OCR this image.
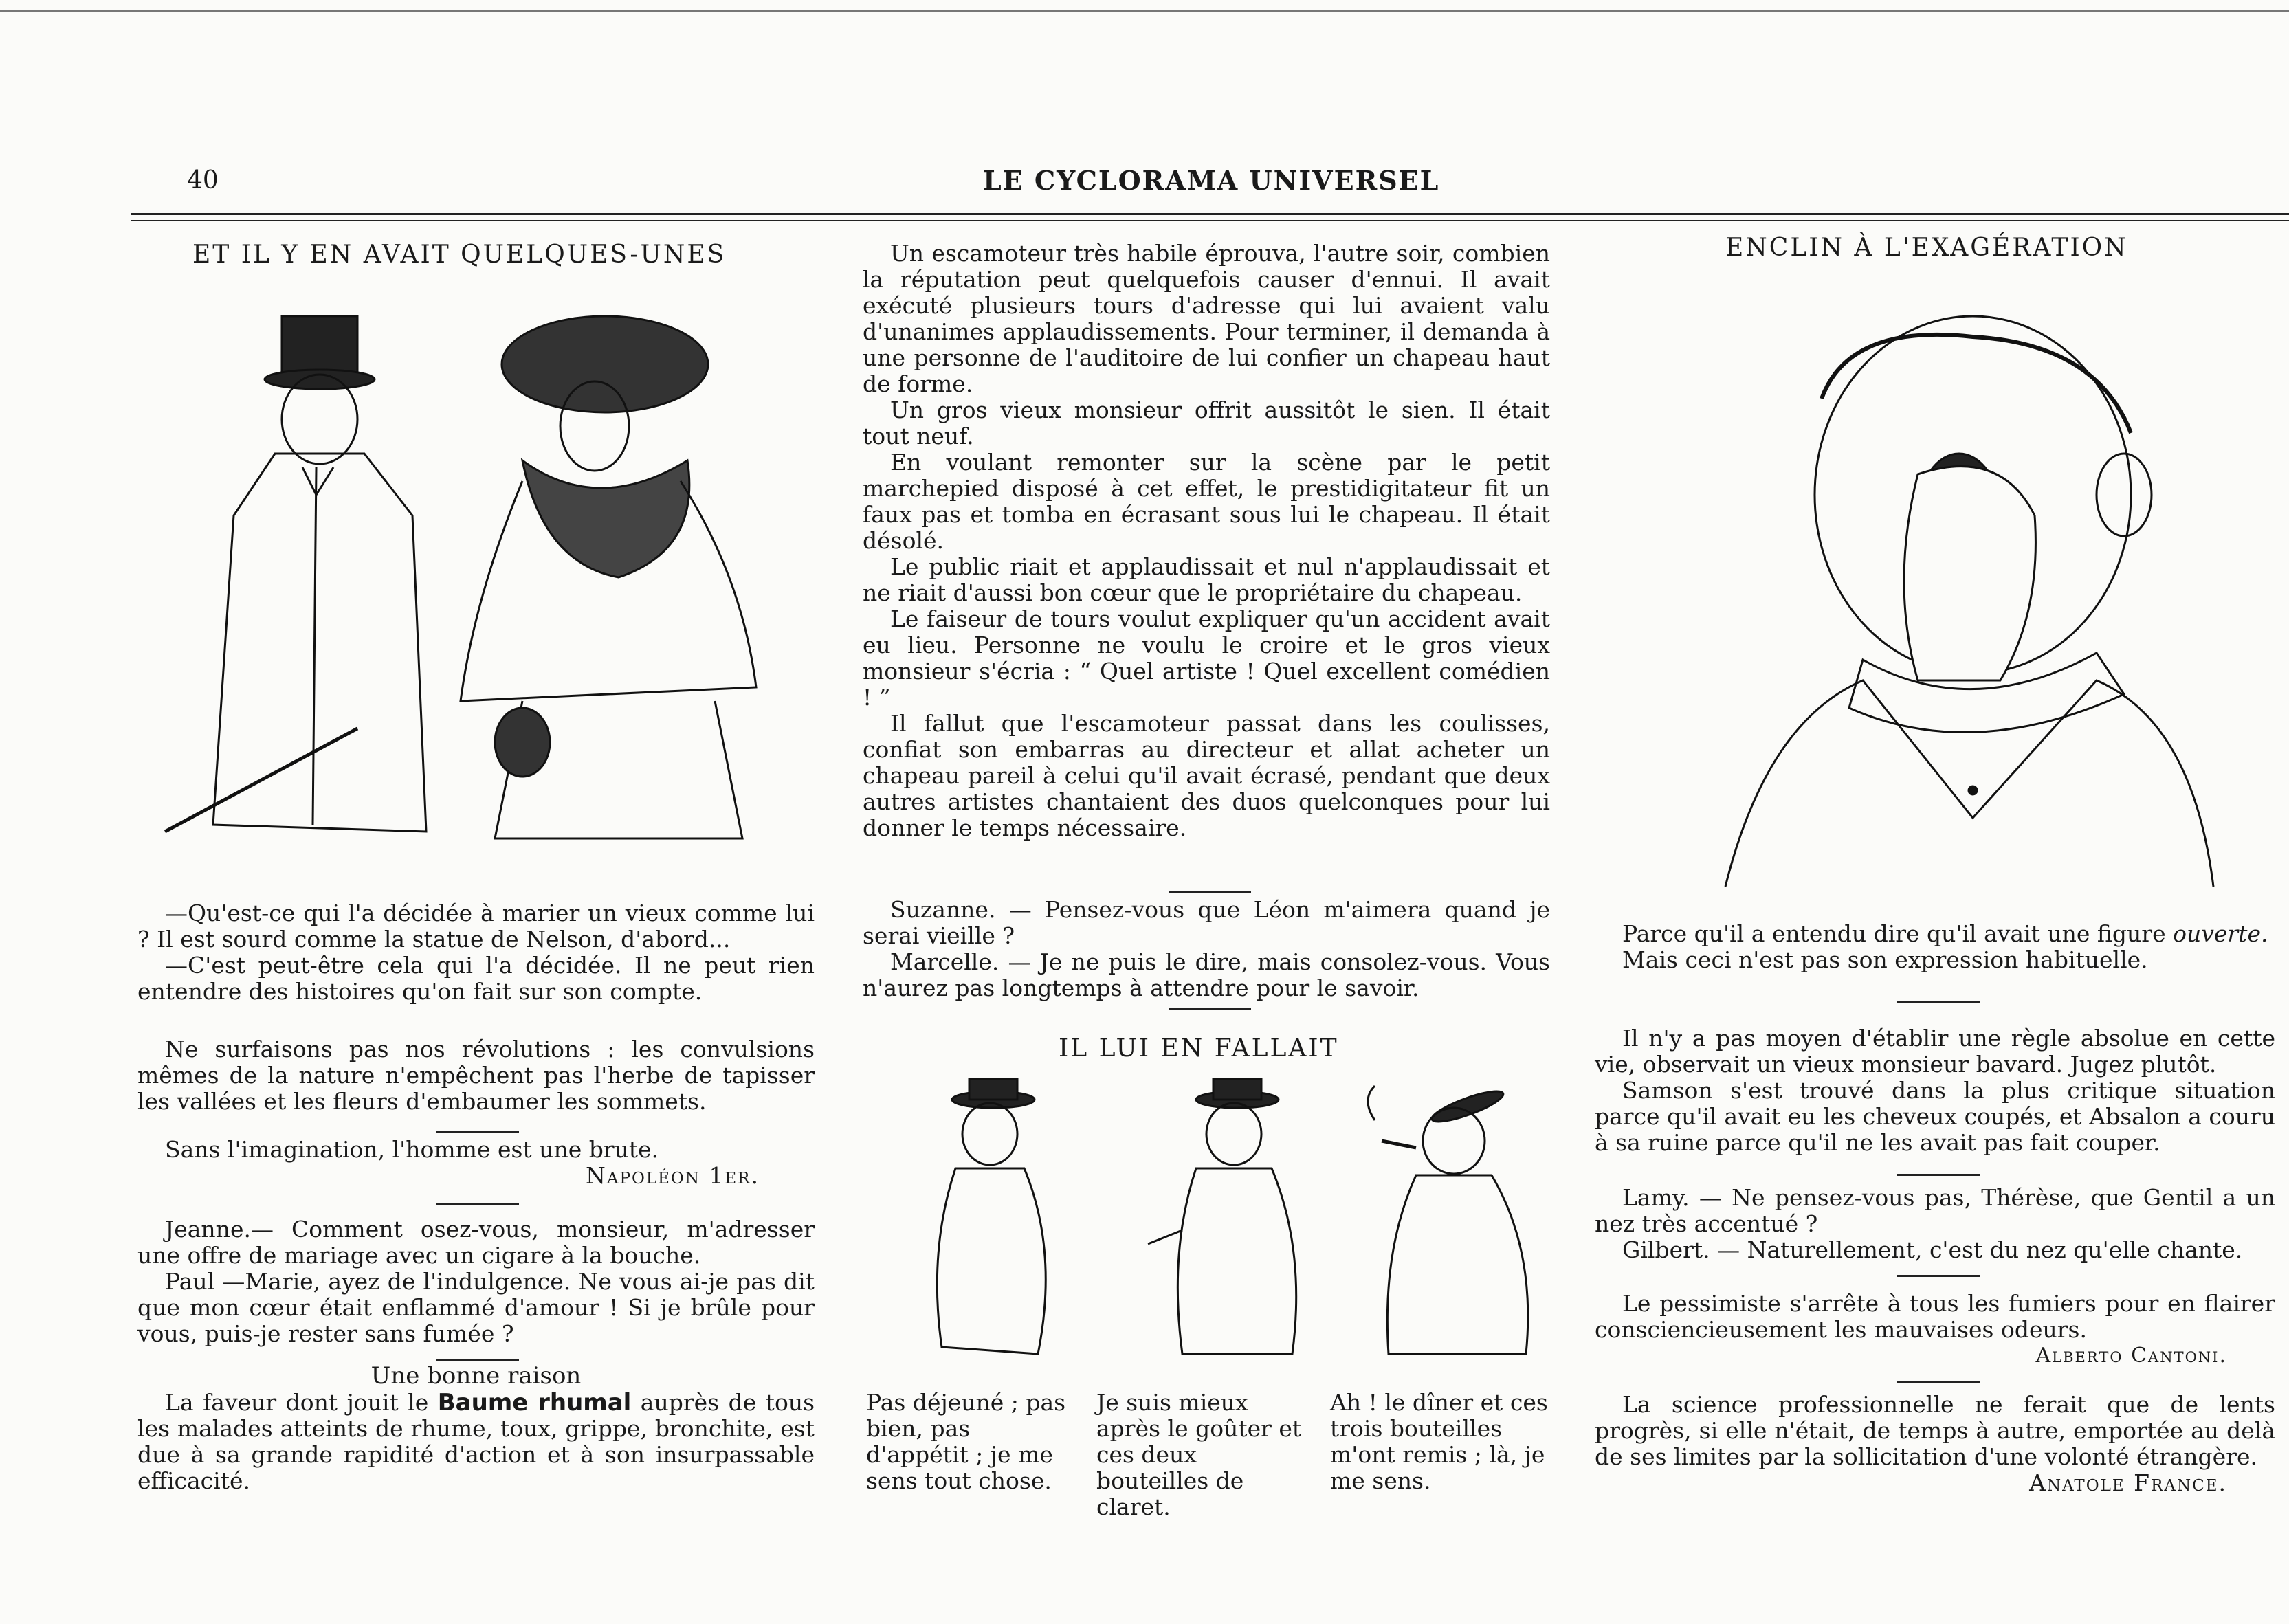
40	LE CYCLORAMA UNIVERSEL
ET IL Y EN AVAIT QUELQUES-UNES

—Qu'est-ce qui l'a décidée à marier un vieux comme lui ? Il est sourd comme la statue de Nelson, d'abord...

—C'est peut-être cela qui l'a décidée. Il ne peut rien entendre des histoires qu'on fait sur son compte.

Ne surfaisons pas nos révolutions : les convulsions mêmes de la nature n'empêchent pas l'herbe de tapisser les vallées et les fleurs d'embaumer les sommets.

Sans l'imagination, l'homme est une brute.

Napoléon 1er.

Jeanne.— Comment osez-vous, monsieur, m'adresser une offre de mariage avec un cigare à la bouche.

Paul —Marie, ayez de l'indulgence. Ne vous ai-je pas dit que mon cœur était enflammé d'amour ! Si je brûle pour vous, puis-je rester sans fumée ?

Une bonne raison

La faveur dont jouit le Baume rhumal auprès de tous les malades atteints de rhume, toux, grippe, bronchite, est due à sa grande rapidité d'action et à son insurpassable efficacité.

Un escamoteur très habile éprouva, l'autre soir, combien la réputation peut quelquefois causer d'ennui. Il avait exécuté plusieurs tours d'adresse qui lui avaient valu d'unanimes applaudissements. Pour terminer, il demanda à une personne de l'auditoire de lui confier un chapeau haut de forme.

Un gros vieux monsieur offrit aussitôt le sien. Il était tout neuf.

En voulant remonter sur la scène par le petit marchepied disposé à cet effet, le prestidigitateur fit un faux pas et tomba en écrasant sous lui le chapeau. Il était désolé.

Le public riait et applaudissait et nul n'applaudissait et ne riait d'aussi bon cœur que le propriétaire du chapeau.

Le faiseur de tours voulut expliquer qu'un accident avait eu lieu. Personne ne voulu le croire et le gros vieux monsieur s'écria : “ Quel artiste ! Quel excellent comédien ! ”

Il fallut que l'escamoteur passat dans les coulisses, confiat son embarras au directeur et allat acheter un chapeau pareil à celui qu'il avait écrasé, pendant que deux autres artistes chantaient des duos quelconques pour lui donner le temps nécessaire.

Suzanne. — Pensez-vous que Léon m'aimera quand je serai vieille ?

Marcelle. — Je ne puis le dire, mais consolez-vous. Vous n'aurez pas longtemps à attendre pour le savoir.

IL LUI EN FALLAIT
Pas déjeuné ; pas bien, pas d'appétit ; je me sens tout chose.
Je suis mieux après le goûter et ces deux bouteilles de claret.
Ah ! le dîner et ces trois bouteilles m'ont remis ; là, je me sens.
ENCLIN À L'EXAGÉRATION

Parce qu'il a entendu dire qu'il avait une figure ouverte.

Mais ceci n'est pas son expression habituelle.

Il n'y a pas moyen d'établir une règle absolue en cette vie, observait un vieux monsieur bavard. Jugez plutôt.

Samson s'est trouvé dans la plus critique situation parce qu'il avait eu les cheveux coupés, et Absalon a couru à sa ruine parce qu'il ne les avait pas fait couper.

Lamy. — Ne pensez-vous pas, Thérèse, que Gentil a un nez très accentué ?

Gilbert. — Naturellement, c'est du nez qu'elle chante.

Le pessimiste s'arrête à tous les fumiers pour en flairer consciencieusement les mauvaises odeurs.

Alberto Cantoni.

La science professionnelle ne ferait que de lents progrès, si elle n'était, de temps à autre, emportée au delà de ses limites par la sollicitation d'une volonté étrangère.

Anatole France.
